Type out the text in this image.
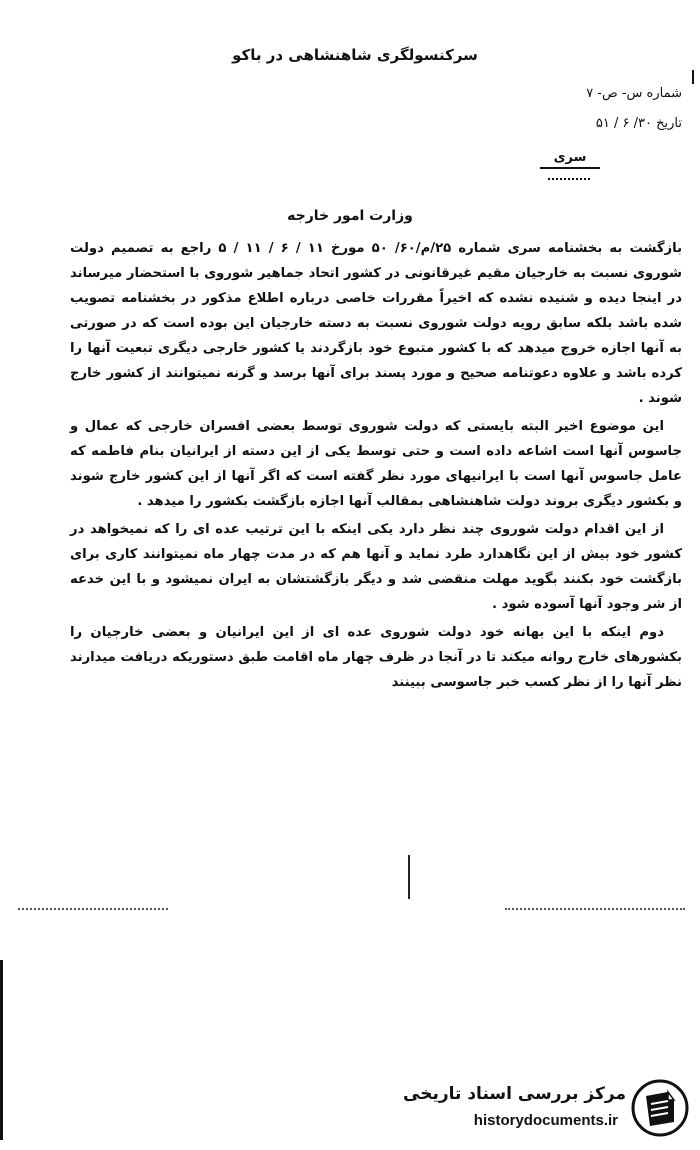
سرکنسولگری شاهنشاهی در باکو
شماره س- ص- ۷
تاریخ ۳۰/ ۶ / ۵۱
سری
وزارت امور خارجه

بازگشت به بخشنامه سری شماره ۲۵/م/۶۰/ ۵۰ مورخ ۱۱ / ۶ / ۱۱ / ۵ راجع به تصمیم دولت شوروی نسبت به خارجیان مقیم غیرقانونی در کشور اتحاد جماهیر شوروی با استحضار میرساند در اینجا دیده و شنیده نشده که اخیراً مقررات خاصی درباره اطلاع مذکور در بخشنامه تصویب شده باشد بلکه سابق رویه دولت شوروی نسبت به دسته خارجیان این بوده است که در صورتی به آنها اجازه خروج میدهد که با کشور متبوع خود بازگردند یا کشور خارجی دیگری تبعیت آنها را کرده باشد و علاوه دعوتنامه صحیح و مورد پسند برای آنها برسد و گرنه نمیتوانند از کشور خارج شوند .

این موضوع اخیر البته بایستی که دولت شوروی توسط بعضی افسران خارجی که عمال و جاسوس آنها است اشاعه داده است و حتی توسط یکی از این دسته از ایرانیان بنام فاطمه که عامل جاسوس آنها است با ایرانیهای مورد نظر گفته است که اگر آنها از این کشور خارج شوند و بکشور دیگری بروند دولت شاهنشاهی بمقالب آنها اجازه بازگشت بکشور را میدهد .

از این اقدام دولت شوروی چند نظر دارد یکی اینکه با این ترتیب عده ای را که نمیخواهد در کشور خود بیش از این نگاهدارد طرد نماید و آنها هم که در مدت چهار ماه نمیتوانند کاری برای بازگشت خود بکنند بگوید مهلت منقضی شد و دیگر بازگشتشان به ایران نمیشود و با این خدعه از شر وجود آنها آسوده شود .

دوم اینکه با این بهانه خود دولت شوروی عده ای از این ایرانیان و بعضی خارجیان را بکشورهای خارج روانه میکند تا در آنجا در ظرف چهار ماه اقامت طبق دستوریکه دریافت میدارند نظر آنها را از نظر کسب خبر جاسوسی ببینند

مرکز بررسی اسناد تاریخی
historydocuments.ir
